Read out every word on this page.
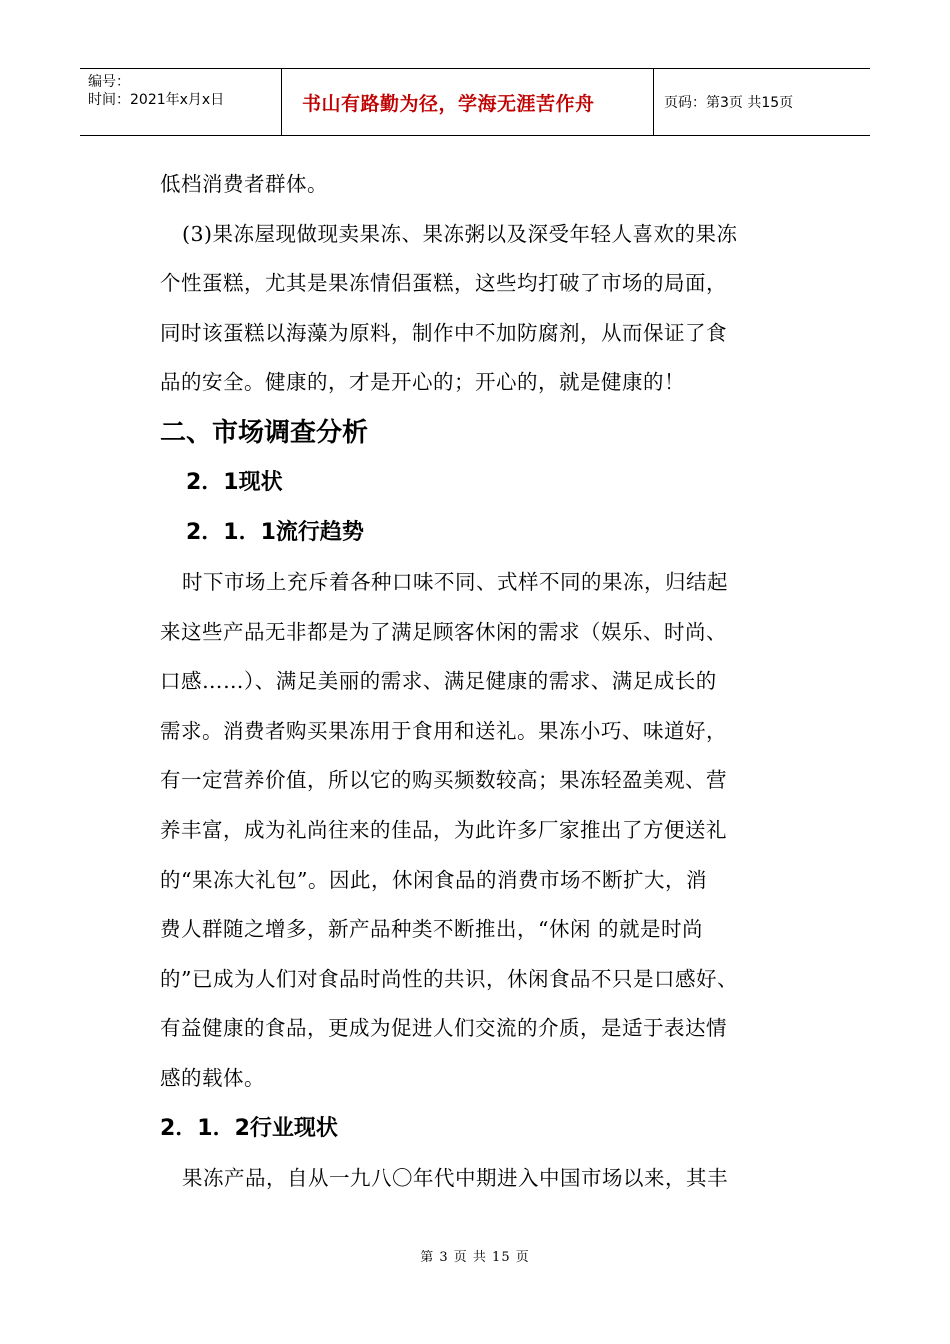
编号：
时间：2021年x月x日	书山有路勤为径，学海无涯苦作舟	页码：第3页 共15页

低档消费者群体。

(3)果冻屋现做现卖果冻、果冻粥以及深受年轻人喜欢的果冻

个性蛋糕，尤其是果冻情侣蛋糕，这些均打破了市场的局面，

同时该蛋糕以海藻为原料，制作中不加防腐剂，从而保证了食

品的安全。健康的，才是开心的；开心的，就是健康的！

二、市场调查分析

2．1现状

2．1．1流行趋势

时下市场上充斥着各种口味不同、式样不同的果冻，归结起

来这些产品无非都是为了满足顾客休闲的需求（娱乐、时尚、

口感……）、满足美丽的需求、满足健康的需求、满足成长的

需求。消费者购买果冻用于食用和送礼。果冻小巧、味道好，

有一定营养价值，所以它的购买频数较高；果冻轻盈美观、营

养丰富，成为礼尚往来的佳品，为此许多厂家推出了方便送礼

的“果冻大礼包”。因此，休闲食品的消费市场不断扩大，消

费人群随之增多，新产品种类不断推出，“休闲 的就是时尚

的”已成为人们对食品时尚性的共识，休闲食品不只是口感好、

有益健康的食品，更成为促进人们交流的介质，是适于表达情

感的载体。

2．1．2行业现状

果冻产品，自从一九八〇年代中期进入中国市场以来，其丰

第 3 页 共 15 页
